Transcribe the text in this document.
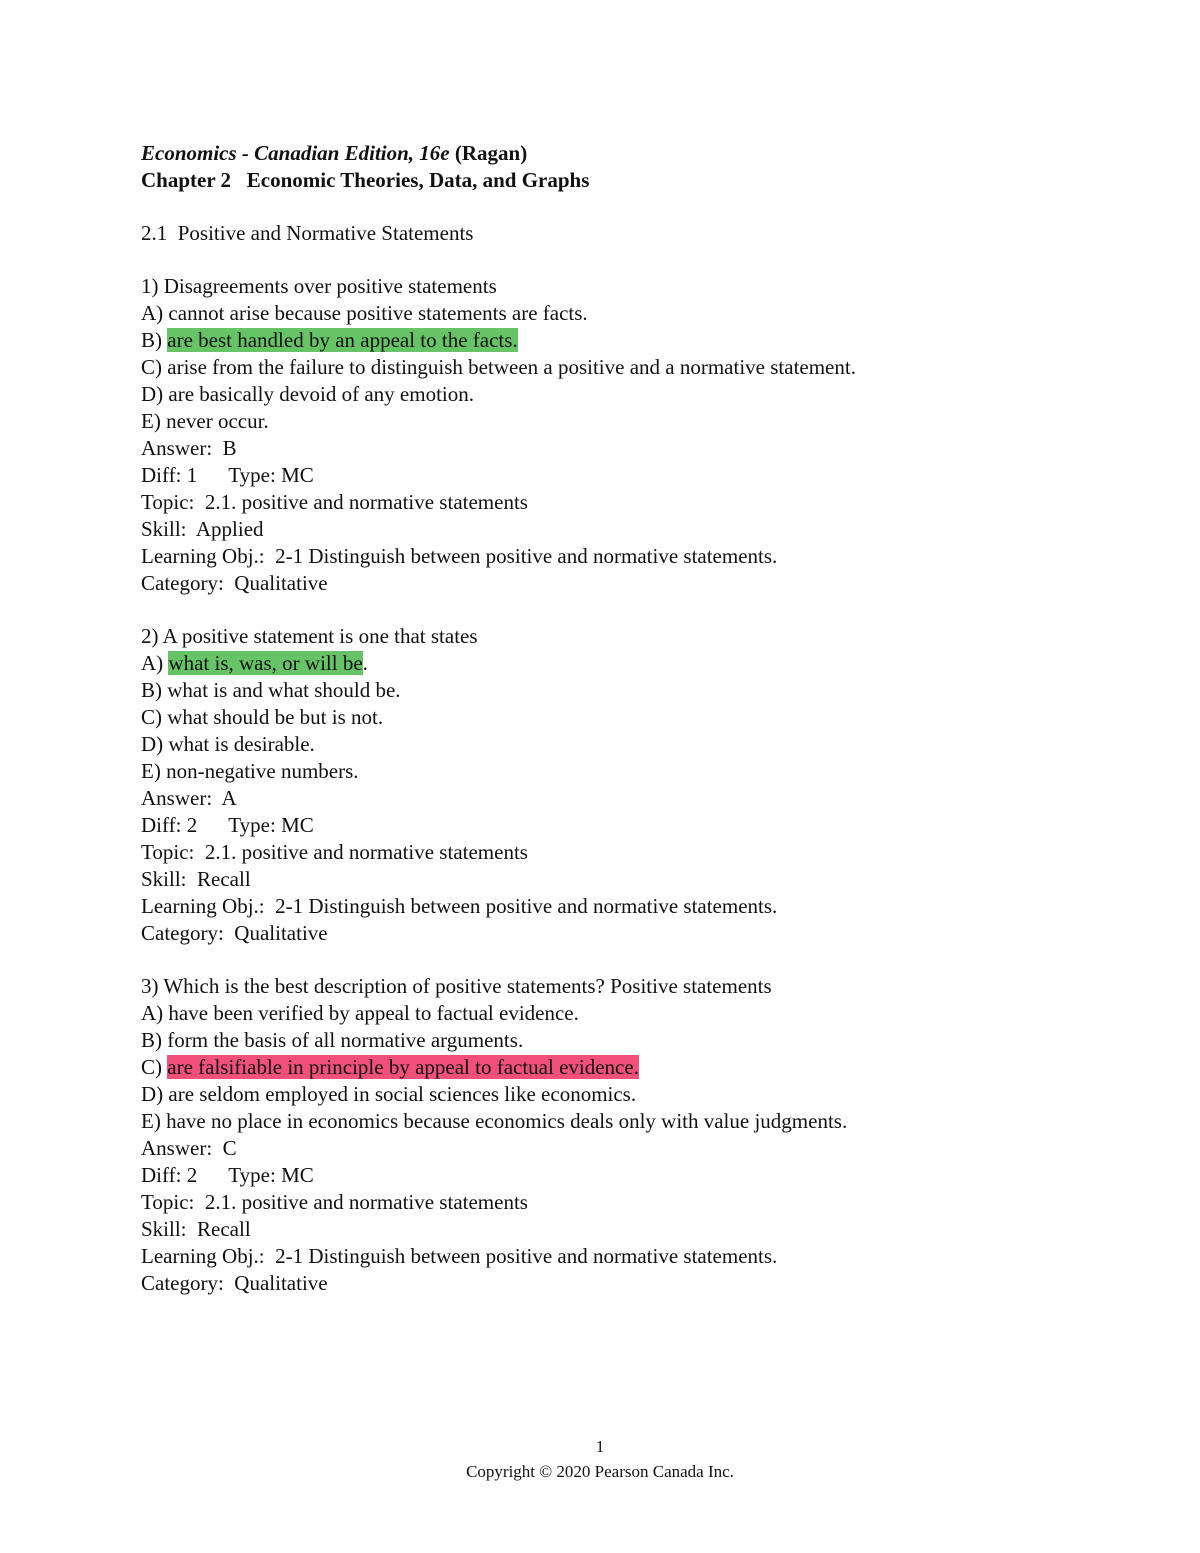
Economics - Canadian Edition, 16e (Ragan)
Chapter 2   Economic Theories, Data, and Graphs
2.1  Positive and Normative Statements
1) Disagreements over positive statements
A) cannot arise because positive statements are facts.
B) are best handled by an appeal to the facts.
C) arise from the failure to distinguish between a positive and a normative statement.
D) are basically devoid of any emotion.
E) never occur.
Answer:  B
Diff: 1      Type: MC
Topic:  2.1. positive and normative statements
Skill:  Applied
Learning Obj.:  2-1 Distinguish between positive and normative statements.
Category:  Qualitative
2) A positive statement is one that states
A) what is, was, or will be.
B) what is and what should be.
C) what should be but is not.
D) what is desirable.
E) non-negative numbers.
Answer:  A
Diff: 2      Type: MC
Topic:  2.1. positive and normative statements
Skill:  Recall
Learning Obj.:  2-1 Distinguish between positive and normative statements.
Category:  Qualitative
3) Which is the best description of positive statements? Positive statements
A) have been verified by appeal to factual evidence.
B) form the basis of all normative arguments.
C) are falsifiable in principle by appeal to factual evidence.
D) are seldom employed in social sciences like economics.
E) have no place in economics because economics deals only with value judgments.
Answer:  C
Diff: 2      Type: MC
Topic:  2.1. positive and normative statements
Skill:  Recall
Learning Obj.:  2-1 Distinguish between positive and normative statements.
Category:  Qualitative
1
Copyright © 2020 Pearson Canada Inc.
